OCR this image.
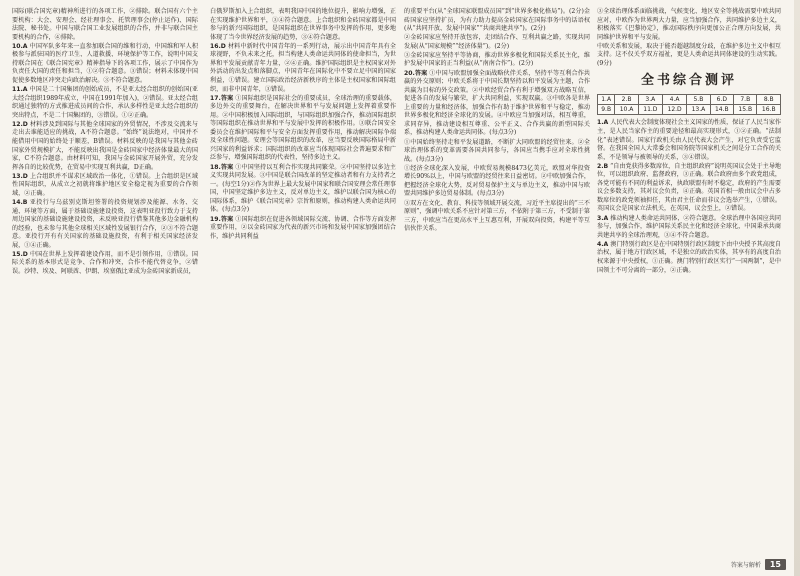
国际(联合国宪章)精神所进行的各项工作，②排除。联合国有六个主要机构：大会、安理会、经社理事会、托管理事会(停止运作)、国际法院、秘书处。中国与联合国工业发展组织的合作，并非与联合国主要机构的合作，④排除。

10.A 中国军队多年来一直参加联合国的维和行动，中国维和军人积极参与派驻国的医疗卫生、人道救援、环境保护等工作，说明中国支持联合国在《联合国宪章》精神指导下的各项工作，展示了中国作为负责任大国的责任和担当，①②符合题意。③错误；材料未体现中国促使多数地区冲突走向政治解决。③不符合题意。

11.A 中国是二十国集团的创始成员，不是亚太经合组织的创始国(亚太经合组织1989年成立，中国在1991年加入)，②错误。亚太经合组织通过独特的方式推进成员间的合作，承认多样性是亚太经合组织的突出特点，不是二十国集团的，③错误。①②正确。

12.D 材料涉及到国际与其他全球国家的外贸情况，不涉及交流来与走出去谁能适应的挑战，A不符合题意。“始终”说法绝对，中国并不能借用中国的始终处于顺差，B错误。材料反映的是我国与其他金砖国家外贸规模扩大，不能反映出我国是金砖国家中经济体量最大的国家，C不符合题意。由材料可知，我国与金砖国家开展外贸，充分发挥各自的比较优势，在贸易中实现互利共赢，D正确。

13.D 上合组织并不谋求区域政治一体化，①错误。上合组织是区域性国际组织，从成立之初就将维护地区安全稳定视为重要的合作领域，②正确。

14.B 亚投行与乌兹别克斯坦签署的投资规划涉及能源、水务、交通、环境等方面，属于基础设施建设投资，这表明亚投行致力于支持周边国家的基础设施建设投资，未反映亚投行借鉴其他多边金融机构的经验，也未参与其他全球相关区域性发展银行合作，②③不符合题意。亚投行开有有关国家的基础设施投资，有利于相关国家经济发展，①④正确。

15.D 中国在世界上发挥着建设作用，而不是引领作用，①错误。国际关系的基本形式是竞争、合作和冲突，合作不能代替竞争，②错误。沙特、埃及、阿联酋、伊朗、埃塞俄比亚成为金砖国家新成员，

白俄罗斯加入上合组织，表明我国中国的地位提升，影响力增强，正在实现维护世界和平，③④符合题意。上合组织和金砖国家都是中国参与的新兴国际组织，是国际组织在世界事务中发挥的作用，更多地体现了当今世界经济发展的趋势，③④符合题意。

16.D 材料中新时代中国青年的一系列行动，展示出中国青年具有全球视野，不负未来之托，担当构建人类命运共同体的使命担当，为世界和平发展贡献青年力量，②④正确。维护国际组织是主权国家对外外活动的出发点和落脚点，中国青年在国际化中不要立足中国的国家利益，①错误。建立国际政治经济新秩序的主体是主权国家和国际组织，而非中国青年，③错误。

17.答案 ①国际组织是国际社会的重要成员，全球治理的重要载体，多边外交的重要舞台，在解决世界和平与发展问题上发挥着重要作用。②中国积极加入国际组织，与国际组织加强合作，推动国际组织等国际组织在推动世界和平与发展中发挥的积极作用。③联合国安全委员会在维护国际和平与安全方面发挥重要作用，推动解决国际争端及全球性问题。安理会等国际组织的改革，应当要反映国际格局中新兴国家的利益诉求；国际组织的改革应当体现国际社会普遍要求和广泛参与，增强国际组织的代表性，坚持多边主义。

18.答案 ①中国坚持以互利合作实现共同繁荣。②中国坚持以多边主义实现共同发展。③中国是联合国改革的坚定推动者和有力支持者之一。(每空1分)②作为世界上最大发展中国家和联合国安理会常任理事国，中国坚定维护多边主义，反对单边主义，维护以联合国为核心的国际体系，维护《联合国宪章》宗旨和原则，推动构建人类命运共同体。(每点3分)

19.答案 ①国际组织在促进各领域国际交流、协调、合作等方面发挥重要作用，②以金砖国家为代表的新兴市场和发展中国家加强团结合作，维护共同利益

的重要平台(从“全球国家联盟成员国”到“世界多极化格局”)。(2分)金砖国家应坚持扩员，为有力助力提高金砖国家在国际事务中的话语权(从“共同开放、发展中国家”“共商共建共享”)。(2分)

②金砖国家应坚持开放包容，走团结合作、互利共赢之路，实现共同发展(从“国家规模”“经济体量”)。(2分)

③金砖国家应坚持平等协商，推动世界多极化和国际关系民主化，维护发展中国家的正当利益(从“南南合作”)。(2分)

20.答案 ①中国与欧盟加强全面战略伙伴关系，坚持平等互利合作共赢的外交原则；中欧关系将于中国长期坚持以和平发展为主题，合作共赢为目标的外交政策。②中欧经贸合作有利于增强双方战略互信，促进各自的发展与繁荣，扩大共同利益，实现双赢。③中欧各是世界上重要的力量和经济体，加强合作有助于维护世界和平与稳定，推动世界多极化和经济全球化的发展。④中欧应当加强对话，相互尊重，求同存异，推动建设相互尊重、公平正义、合作共赢的新型国际关系，推动构建人类命运共同体。(每点3分)

①中国始终坚持走和平发展道路，不断扩大同欧盟的经贸往来。②全球治理体系的变革需要各国共同参与，各国应当携手应对全球性挑战。(每点3分)

①经济全球化深入发展，中欧贸易规模8473亿美元，欧盟对华投资增长90%以上，中国与欧盟的经贸往来日益密切。②中欧加强合作，把握经济全球化大势，反对贸易保护主义与单边主义，推动中国与欧盟共同维护多边贸易体制。(每点3分)

③双方在文化、教育、科技等领域开展交流，习近平主席提出的“三不原则”，强调中欧关系不应针对第三方，不依附于第三方，不受制于第三方，中欧应当在更高水平上互惠互利，开展双向投资，构建平等互信伙伴关系。

③全球治理体系面临挑战，气候变化、地区安全等挑战需要中欧共同应对，中欧作为世界两大力量，应当加强合作，共同维护多边主义，积极落实《巴黎协定》，推动国际秩序向更加公正合理方向发展，共同维护世界和平与发展。

中欧关系和发展，取决于能否超越制度分歧，在维护多边主义中相互支持。这不仅关乎双方福祉，更是人类命运共同体建设的生动实践。(9分)

全书综合测评
1.A	2.B	3.A	4.A	5.B	6.D	7.B	8.B
9.B	10.A	11.D	12.D	13.A	14.B	15.B	16.B

1.A 人民代表大会制度体现社会主义国家的性质，保证了人民当家作主，是人民当家作主的重要途径和最高实现形式，①②正确。“法制化”表述错误。国家行政机关由人民代表大会产生，对它负责受它监督。在我国全国人大常委会和国务院等国家机关之间是分工合作的关系，不是领导与被领导的关系，③④错误。

2.B “自由党获得多数席位，自主组织政府”说明英国议会处于主导地位，可以组织政府、监督政府，③正确。联合政府由多个政党组成，各党可能有不同的利益诉求，执政联盟有时不稳定，政府的产生需要议会多数支持，其对议会负责，④正确。英国首相一般由议会中占多数席位的政党领袖担任，其由君主任命而非议会选举产生，①错误。英国议会是国家立法机关，在英国，议会至上，②错误。

3.A 推动构建人类命运共同体，②符合题意。全球治理中各国应共同参与，加强合作，维护国际关系民主化和经济全球化，中国秉承共商共建共享的全球治理观，③④不符合题意。

4.A 澳门特别行政区是在中国特别行政区制度下由中央授予其高度自治权，属于地方行政区域，不是独立的政治实体，其享有的高度自治权来源于中央授权，①正确。澳门特别行政区实行“一国两制”，是中国领土不可分离的一部分，②正确。

答案与解析	15
